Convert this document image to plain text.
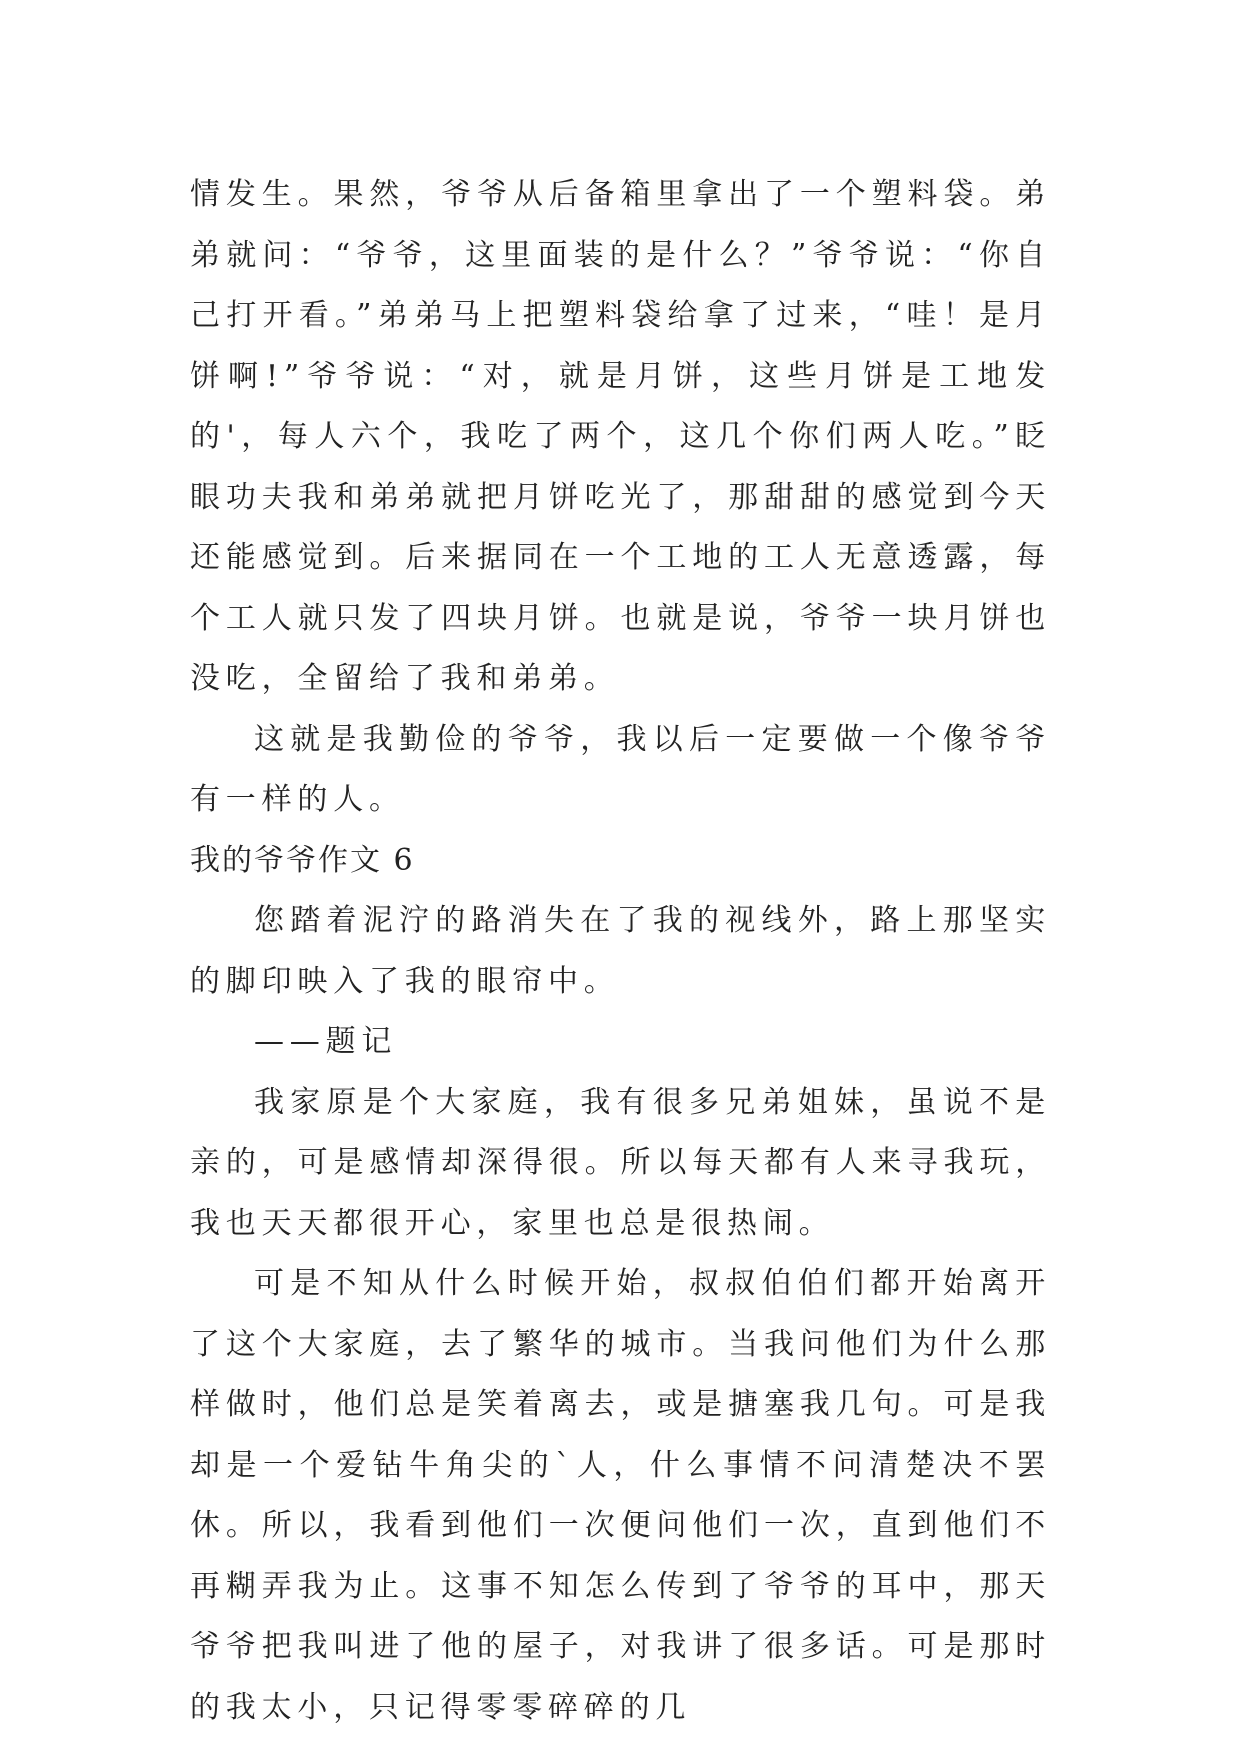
情发生。果然，爷爷从后备箱里拿出了一个塑料袋。弟弟就问：“爷爷，这里面装的是什么？”爷爷说：“你自己打开看。”弟弟马上把塑料袋给拿了过来，“哇！是月饼啊!”爷爷说：“对，就是月饼，这些月饼是工地发的'，每人六个，我吃了两个，这几个你们两人吃。”眨眼功夫我和弟弟就把月饼吃光了，那甜甜的感觉到今天还能感觉到。后来据同在一个工地的工人无意透露，每个工人就只发了四块月饼。也就是说，爷爷一块月饼也没吃，全留给了我和弟弟。

这就是我勤俭的爷爷，我以后一定要做一个像爷爷有一样的人。

我的爷爷作文 6

您踏着泥泞的路消失在了我的视线外，路上那坚实的脚印映入了我的眼帘中。

——题记

我家原是个大家庭，我有很多兄弟姐妹，虽说不是亲的，可是感情却深得很。所以每天都有人来寻我玩，我也天天都很开心，家里也总是很热闹。

可是不知从什么时候开始，叔叔伯伯们都开始离开了这个大家庭，去了繁华的城市。当我问他们为什么那样做时，他们总是笑着离去，或是搪塞我几句。可是我却是一个爱钻牛角尖的`人，什么事情不问清楚决不罢休。所以，我看到他们一次便问他们一次，直到他们不再糊弄我为止。这事不知怎么传到了爷爷的耳中，那天爷爷把我叫进了他的屋子，对我讲了很多话。可是那时的我太小，只记得零零碎碎的几
